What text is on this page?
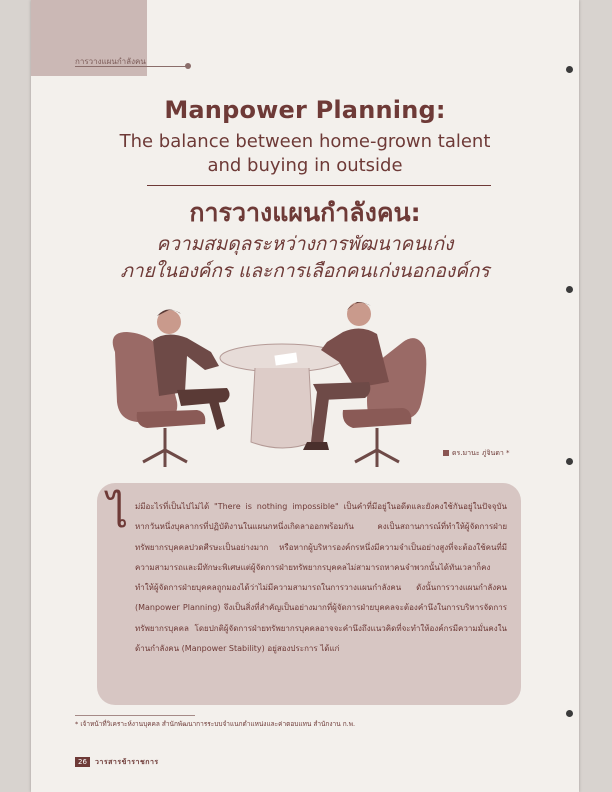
การวางแผนกำลังคน
Manpower Planning:
The balance between home-grown talent
and buying in outside
การวางแผนกำลังคน:
ความสมดุลระหว่างการพัฒนาคนเก่ง
ภายในองค์กร และการเลือกคนเก่งนอกองค์กร
ดร.มานะ ภู่จินดา *
ไ ม่มีอะไรที่เป็นไปไม่ได้ "There is nothing impossible" เป็นคำที่มีอยู่ในอดีตและยังคงใช้กันอยู่ในปัจจุบัน หากวันหนึ่งบุคลากรที่ปฏิบัติงานในแผนกหนึ่งเกิดลาออกพร้อมกัน คงเป็นสถานการณ์ที่ทำให้ผู้จัดการฝ่ายทรัพยากรบุคคลปวดศีรษะเป็นอย่างมาก หรือหากผู้บริหารองค์กรหนึ่งมีความจำเป็นอย่างสูงที่จะต้องใช้คนที่มีความสามารถและมีทักษะพิเศษแต่ผู้จัดการฝ่ายทรัพยากรบุคคลไม่สามารถหาคนจำพวกนั้นได้ทันเวลาก็คงทำให้ผู้จัดการฝ่ายบุคคลถูกมองได้ว่าไม่มีความสามารถในการวางแผนกำลังคน ดังนั้นการวางแผนกำลังคน (Manpower Planning) จึงเป็นสิ่งที่สำคัญเป็นอย่างมากที่ผู้จัดการฝ่ายบุคคลจะต้องคำนึงในการบริหารจัดการทรัพยากรบุคคล โดยปกติผู้จัดการฝ่ายทรัพยากรบุคคลอาจจะคำนึงถึงแนวคิดที่จะทำให้องค์กรมีความมั่นคงในด้านกำลังคน (Manpower Stability) อยู่สองประการ ได้แก่
* เจ้าหน้าที่วิเคราะห์งานบุคคล สำนักพัฒนาการระบบจำแนกตำแหน่งและค่าตอบแทน สำนักงาน ก.พ.
26	วารสารข้าราชการ
